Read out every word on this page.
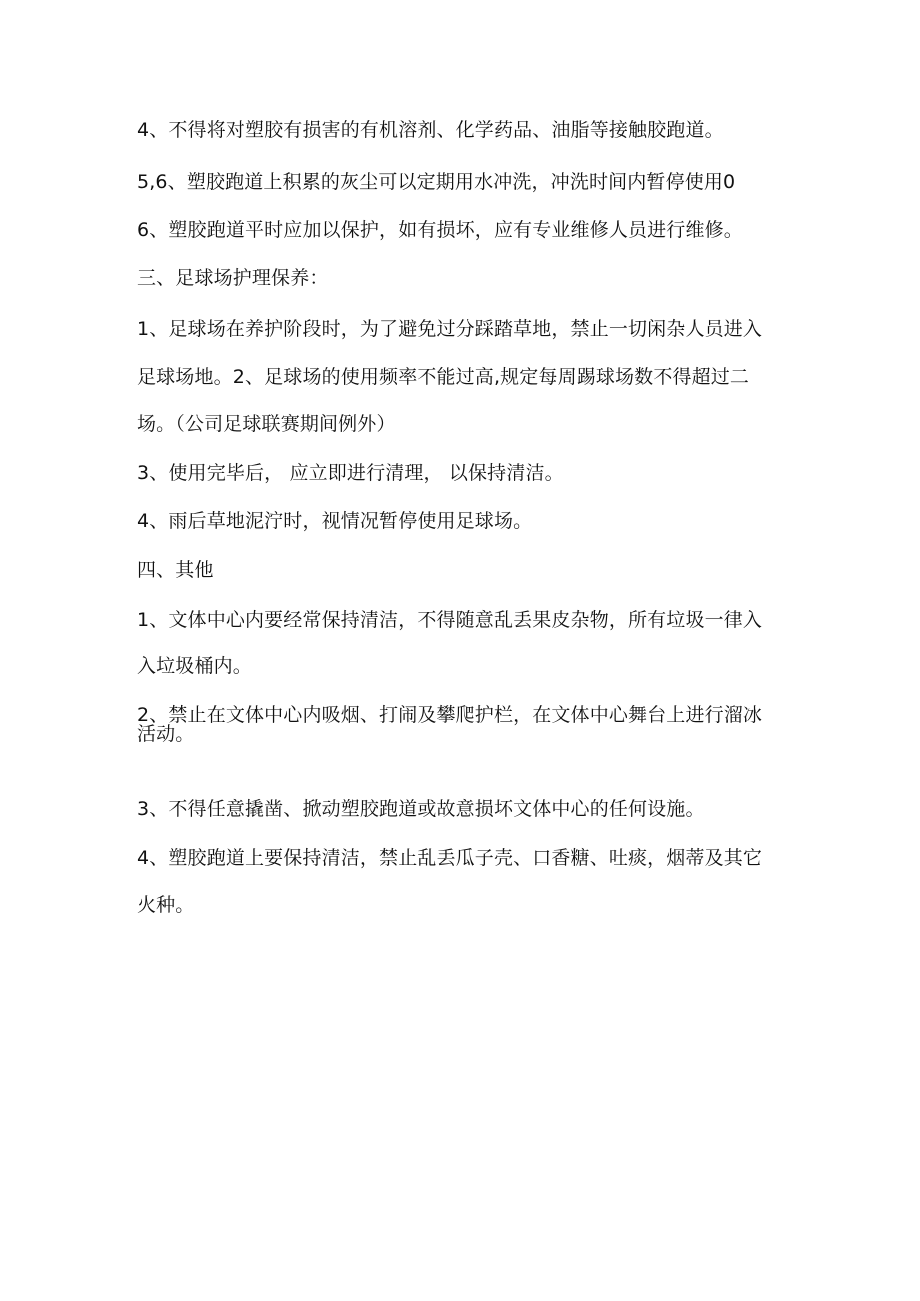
4、不得将对塑胶有损害的有机溶剂、化学药品、油脂等接触胶跑道。
5,6、塑胶跑道上积累的灰尘可以定期用水冲洗，冲洗时间内暂停使用0
6、塑胶跑道平时应加以保护，如有损坏，应有专业维修人员进行维修。
三、足球场护理保养：
1、足球场在养护阶段时，为了避免过分踩踏草地，禁止一切闲杂人员进入
足球场地。2、足球场的使用频率不能过高,规定每周踢球场数不得超过二
场。（公司足球联赛期间例外）
3、使用完毕后， 应立即进行清理， 以保持清洁。
4、雨后草地泥泞时，视情况暂停使用足球场。
四、其他
1、文体中心内要经常保持清洁，不得随意乱丢果皮杂物，所有垃圾一律入
入垃圾桶内。
2、禁止在文体中心内吸烟、打闹及攀爬护栏，在文体中心舞台上进行溜冰
活动。
3、不得任意撬凿、掀动塑胶跑道或故意损坏文体中心的任何设施。
4、塑胶跑道上要保持清洁，禁止乱丢瓜子壳、口香糖、吐痰，烟蒂及其它
火种。
